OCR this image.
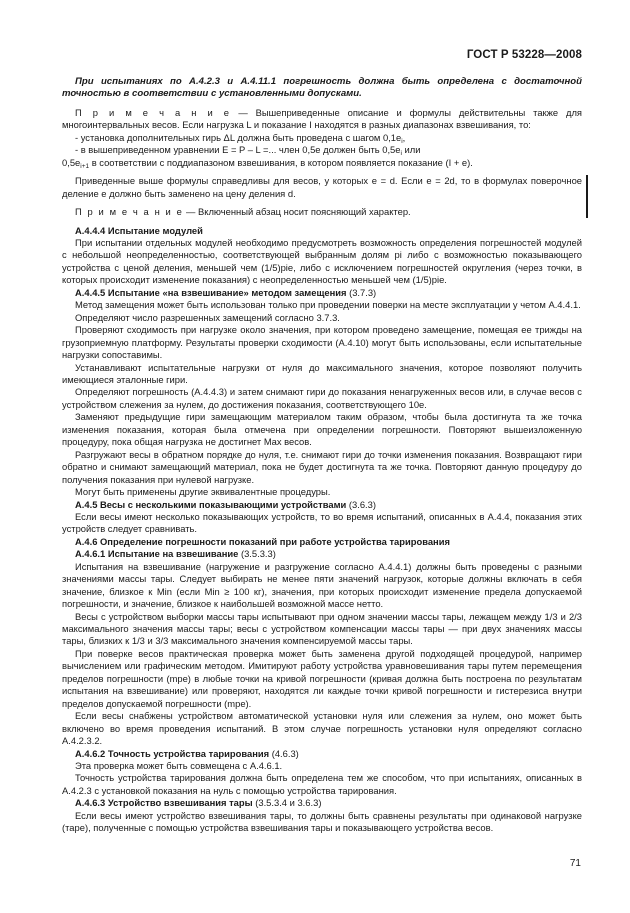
ГОСТ Р 53228—2008

При испытаниях по А.4.2.3 и А.4.11.1 погрешность должна быть определена с достаточной точностью в соответствии с установленными допусками.

П р и м е ч а н и е — Вышеприведенные описание и формулы действительны также для многоинтервальных весов. Если нагрузка L и показание I находятся в разных диапазонах взвешивания, то:

- установка дополнительных гирь ΔL должна быть проведена с шагом $0,1e_i$,

- в вышеприведенном уравнении E = P – L =... член 0,5e должен быть $0,5e_i$ или

$0,5e_{i+1}$ в соответствии с поддиапазоном взвешивания, в котором появляется показание (I + e).

Приведенные выше формулы справедливы для весов, у которых e = d. Если e = 2d, то в формулах поверочное деление e должно быть заменено на цену деления d.

П р и м е ч а н и е — Включенный абзац носит поясняющий характер.

А.4.4.4 Испытание модулей

При испытании отдельных модулей необходимо предусмотреть возможность определения погрешностей модулей с небольшой неопределенностью, соответствующей выбранным долям pi либо с возможностью показывающего устройства с ценой деления, меньшей чем (1/5)piе, либо с исключением погрешностей округления (через точки, в которых происходит изменение показания) с неопределенностью меньшей чем (1/5)piе.

А.4.4.5 Испытание «на взвешивание» методом замещения (3.7.3)

Метод замещения может быть использован только при проведении поверки на месте эксплуатации у четом А.4.4.1.

Определяют число разрешенных замещений согласно 3.7.3.

Проверяют сходимость при нагрузке около значения, при котором проведено замещение, помещая ее трижды на грузоприемную платформу. Результаты проверки сходимости (А.4.10) могут быть использованы, если испытательные нагрузки сопоставимы.

Устанавливают испытательные нагрузки от нуля до максимального значения, которое позволяют получить имеющиеся эталонные гири.

Определяют погрешность (А.4.4.3) и затем снимают гири до показания ненагруженных весов или, в случае весов с устройством слежения за нулем, до достижения показания, соответствующего 10e.

Заменяют предыдущие гири замещающим материалом таким образом, чтобы была достигнута та же точка изменения показания, которая была отмечена при определении погрешности. Повторяют вышеизложенную процедуру, пока общая нагрузка не достигнет Max весов.

Разгружают весы в обратном порядке до нуля, т.е. снимают гири до точки изменения показания. Возвращают гири обратно и снимают замещающий материал, пока не будет достигнута та же точка. Повторяют данную процедуру до получения показания при нулевой нагрузке.

Могут быть применены другие эквивалентные процедуры.

А.4.5 Весы с несколькими показывающими устройствами (3.6.3)

Если весы имеют несколько показывающих устройств, то во время испытаний, описанных в А.4.4, показания этих устройств следует сравнивать.

А.4.6 Определение погрешности показаний при работе устройства тарирования

А.4.6.1 Испытание на взвешивание (3.5.3.3)

Испытания на взвешивание (нагружение и разгружение согласно А.4.4.1) должны быть проведены с разными значениями массы тары. Следует выбирать не менее пяти значений нагрузок, которые должны включать в себя значение, близкое к Min (если Min ≥ 100 кг), значения, при которых происходит изменение предела допускаемой погрешности, и значение, близкое к наибольшей возможной массе нетто.

Весы с устройством выборки массы тары испытывают при одном значении массы тары, лежащем между 1/3 и 2/3 максимального значения массы тары; весы с устройством компенсации массы тары — при двух значениях массы тары, близких к 1/3 и 3/3 максимального значения компенсируемой массы тары.

При поверке весов практическая проверка может быть заменена другой подходящей процедурой, например вычислением или графическим методом. Имитируют работу устройства уравновешивания тары путем перемещения пределов погрешности (mpe) в любые точки на кривой погрешности (кривая должна быть построена по результатам испытания на взвешивание) или проверяют, находятся ли каждые точки кривой погрешности и гистерезиса внутри пределов допускаемой погрешности (mpe).

Если весы снабжены устройством автоматической установки нуля или слежения за нулем, оно может быть включено во время проведения испытаний. В этом случае погрешность установки нуля определяют согласно А.4.2.3.2.

А.4.6.2 Точность устройства тарирования (4.6.3)

Эта проверка может быть совмещена с А.4.6.1.

Точность устройства тарирования должна быть определена тем же способом, что при испытаниях, описанных в А.4.2.3 с установкой показания на нуль с помощью устройства тарирования.

А.4.6.3 Устройство взвешивания тары (3.5.3.4 и 3.6.3)

Если весы имеют устройство взвешивания тары, то должны быть сравнены результаты при одинаковой нагрузке (таре), полученные с помощью устройства взвешивания тары и показывающего устройства весов.

71
